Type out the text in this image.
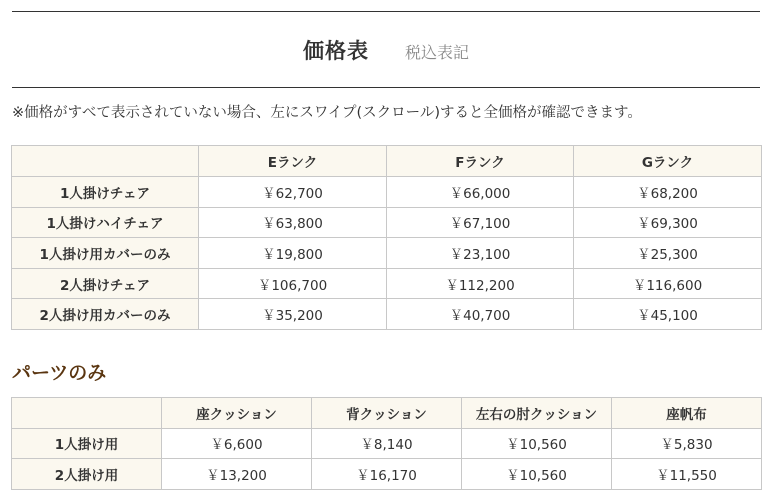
価格表 税込表記
※価格がすべて表示されていない場合、左にスワイプ(スクロール)すると全価格が確認できます。
	Eランク	Fランク	Gランク
1人掛けチェア	￥62,700	￥66,000	￥68,200
1人掛けハイチェア	￥63,800	￥67,100	￥69,300
1人掛け用カバーのみ	￥19,800	￥23,100	￥25,300
2人掛けチェア	￥106,700	￥112,200	￥116,600
2人掛け用カバーのみ	￥35,200	￥40,700	￥45,100
パーツのみ
	座クッション	背クッション	左右の肘クッション	座帆布
1人掛け用	￥6,600	￥8,140	￥10,560	￥5,830
2人掛け用	￥13,200	￥16,170	￥10,560	￥11,550
